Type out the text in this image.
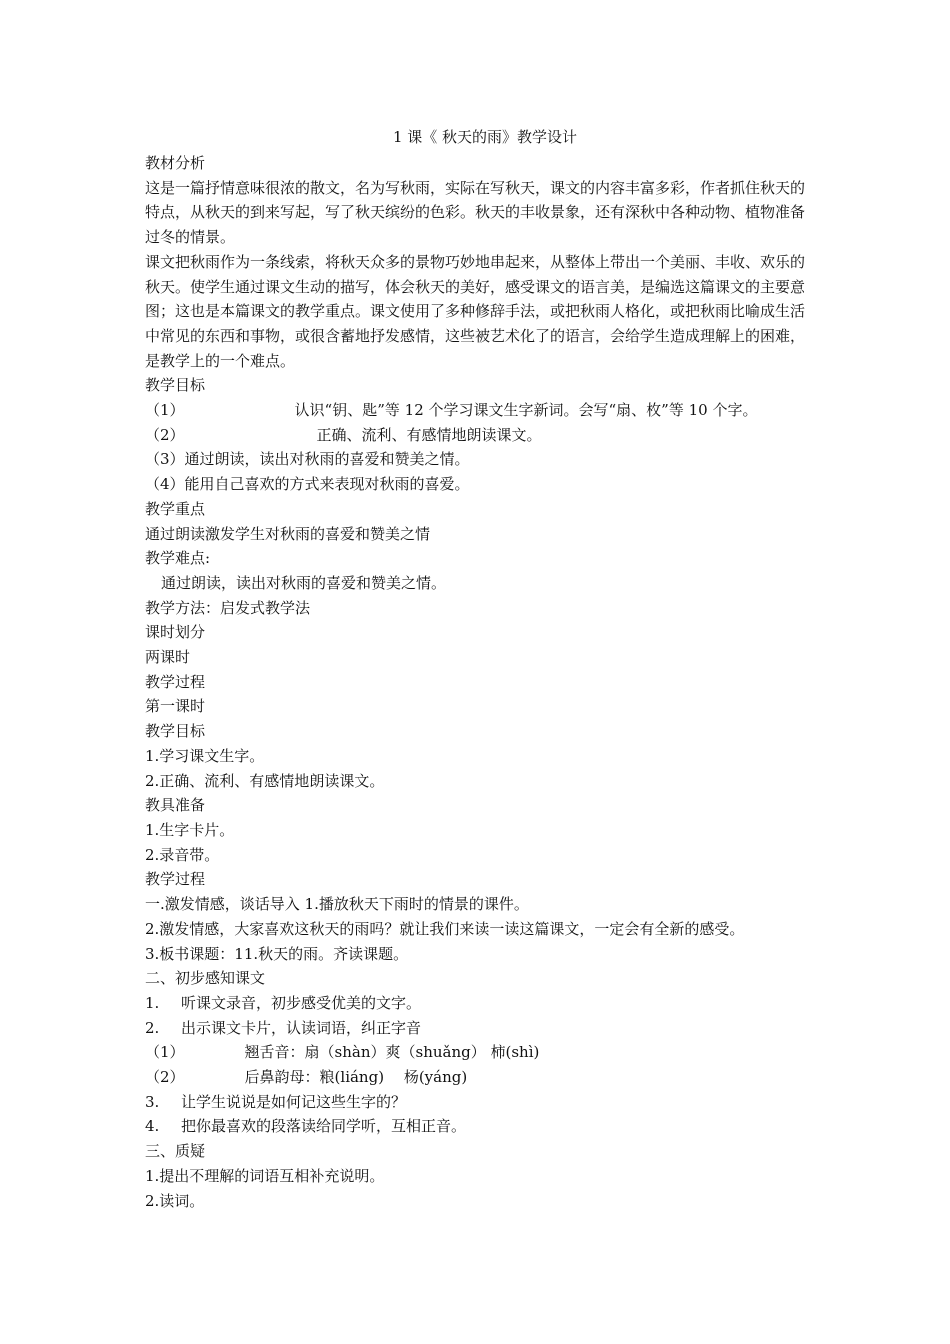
1 课《 秋天的雨》教学设计
教材分析
这是一篇抒情意味很浓的散文，名为写秋雨，实际在写秋天，课文的内容丰富多彩，作者抓住秋天的特点，从秋天的到来写起，写了秋天缤纷的色彩。秋天的丰收景象，还有深秋中各种动物、植物准备过冬的情景。
课文把秋雨作为一条线索，将秋天众多的景物巧妙地串起来，从整体上带出一个美丽、丰收、欢乐的秋天。使学生通过课文生动的描写，体会秋天的美好，感受课文的语言美，是编选这篇课文的主要意图；这也是本篇课文的教学重点。课文使用了多种修辞手法，或把秋雨人格化，或把秋雨比喻成生活中常见的东西和事物，或很含蓄地抒发感情，这些被艺术化了的语言，会给学生造成理解上的困难，是教学上的一个难点。
教学目标
（1）	认识“钥、匙”等 12 个学习课文生字新词。会写“扇、枚”等 10 个字。
（2）	正确、流利、有感情地朗读课文。
（3）通过朗读，读出对秋雨的喜爱和赞美之情。
（4）能用自己喜欢的方式来表现对秋雨的喜爱。
教学重点
通过朗读激发学生对秋雨的喜爱和赞美之情
教学难点:
通过朗读，读出对秋雨的喜爱和赞美之情。
教学方法：启发式教学法
课时划分
两课时
教学过程
第一课时
教学目标
1.学习课文生字。
2.正确、流利、有感情地朗读课文。
教具准备
1.生字卡片。
2.录音带。
教学过程
一.激发情感，谈话导入 1.播放秋天下雨时的情景的课件。
2.激发情感，大家喜欢这秋天的雨吗？就让我们来读一读这篇课文，一定会有全新的感受。
3.板书课题：11.秋天的雨。齐读课题。
二、初步感知课文
1. 听课文录音，初步感受优美的文字。
2. 出示课文卡片，认读词语，纠正字音
（1）	翘舌音：扇（shàn）爽（shuǎng） 柿(shì)
（2）	后鼻韵母：粮(liáng)　 杨(yáng)
3. 让学生说说是如何记这些生字的？
4. 把你最喜欢的段落读给同学听，互相正音。
三、质疑
1.提出不理解的词语互相补充说明。
2.读词。
